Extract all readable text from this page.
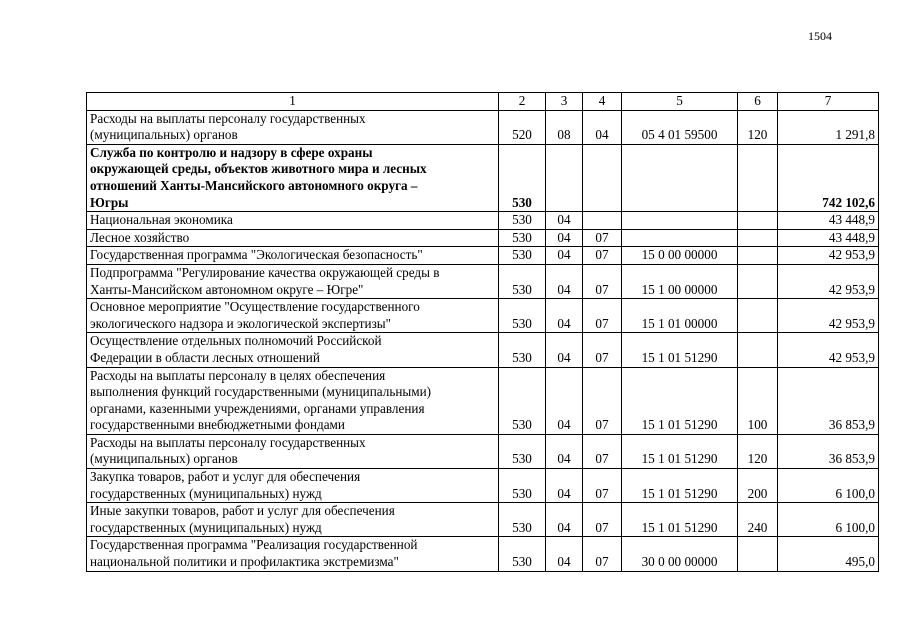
1504
1	2	3	4	5	6	7
Расходы на выплаты персоналу государственных
(муниципальных) органов	520	08	04	05 4 01 59500	120	1 291,8
Служба по контролю и надзору в сфере охраны
окружающей среды, объектов животного мира и лесных
отношений Ханты-Мансийского автономного округа –
Югры	530					742 102,6
Национальная экономика	530	04				43 448,9
Лесное хозяйство	530	04	07			43 448,9
Государственная программа "Экологическая безопасность"	530	04	07	15 0 00 00000		42 953,9
Подпрограмма "Регулирование качества окружающей среды в
Ханты-Мансийском автономном округе – Югре"	530	04	07	15 1 00 00000		42 953,9
Основное мероприятие "Осуществление государственного
экологического надзора и экологической экспертизы"	530	04	07	15 1 01 00000		42 953,9
Осуществление отдельных полномочий Российской
Федерации в области лесных отношений	530	04	07	15 1 01 51290		42 953,9
Расходы на выплаты персоналу в целях обеспечения
выполнения функций государственными (муниципальными)
органами, казенными учреждениями, органами управления
государственными внебюджетными фондами	530	04	07	15 1 01 51290	100	36 853,9
Расходы на выплаты персоналу государственных
(муниципальных) органов	530	04	07	15 1 01 51290	120	36 853,9
Закупка товаров, работ и услуг для обеспечения
государственных (муниципальных) нужд	530	04	07	15 1 01 51290	200	6 100,0
Иные закупки товаров, работ и услуг для обеспечения
государственных (муниципальных) нужд	530	04	07	15 1 01 51290	240	6 100,0
Государственная программа "Реализация государственной
национальной политики и профилактика экстремизма"	530	04	07	30 0 00 00000		495,0
